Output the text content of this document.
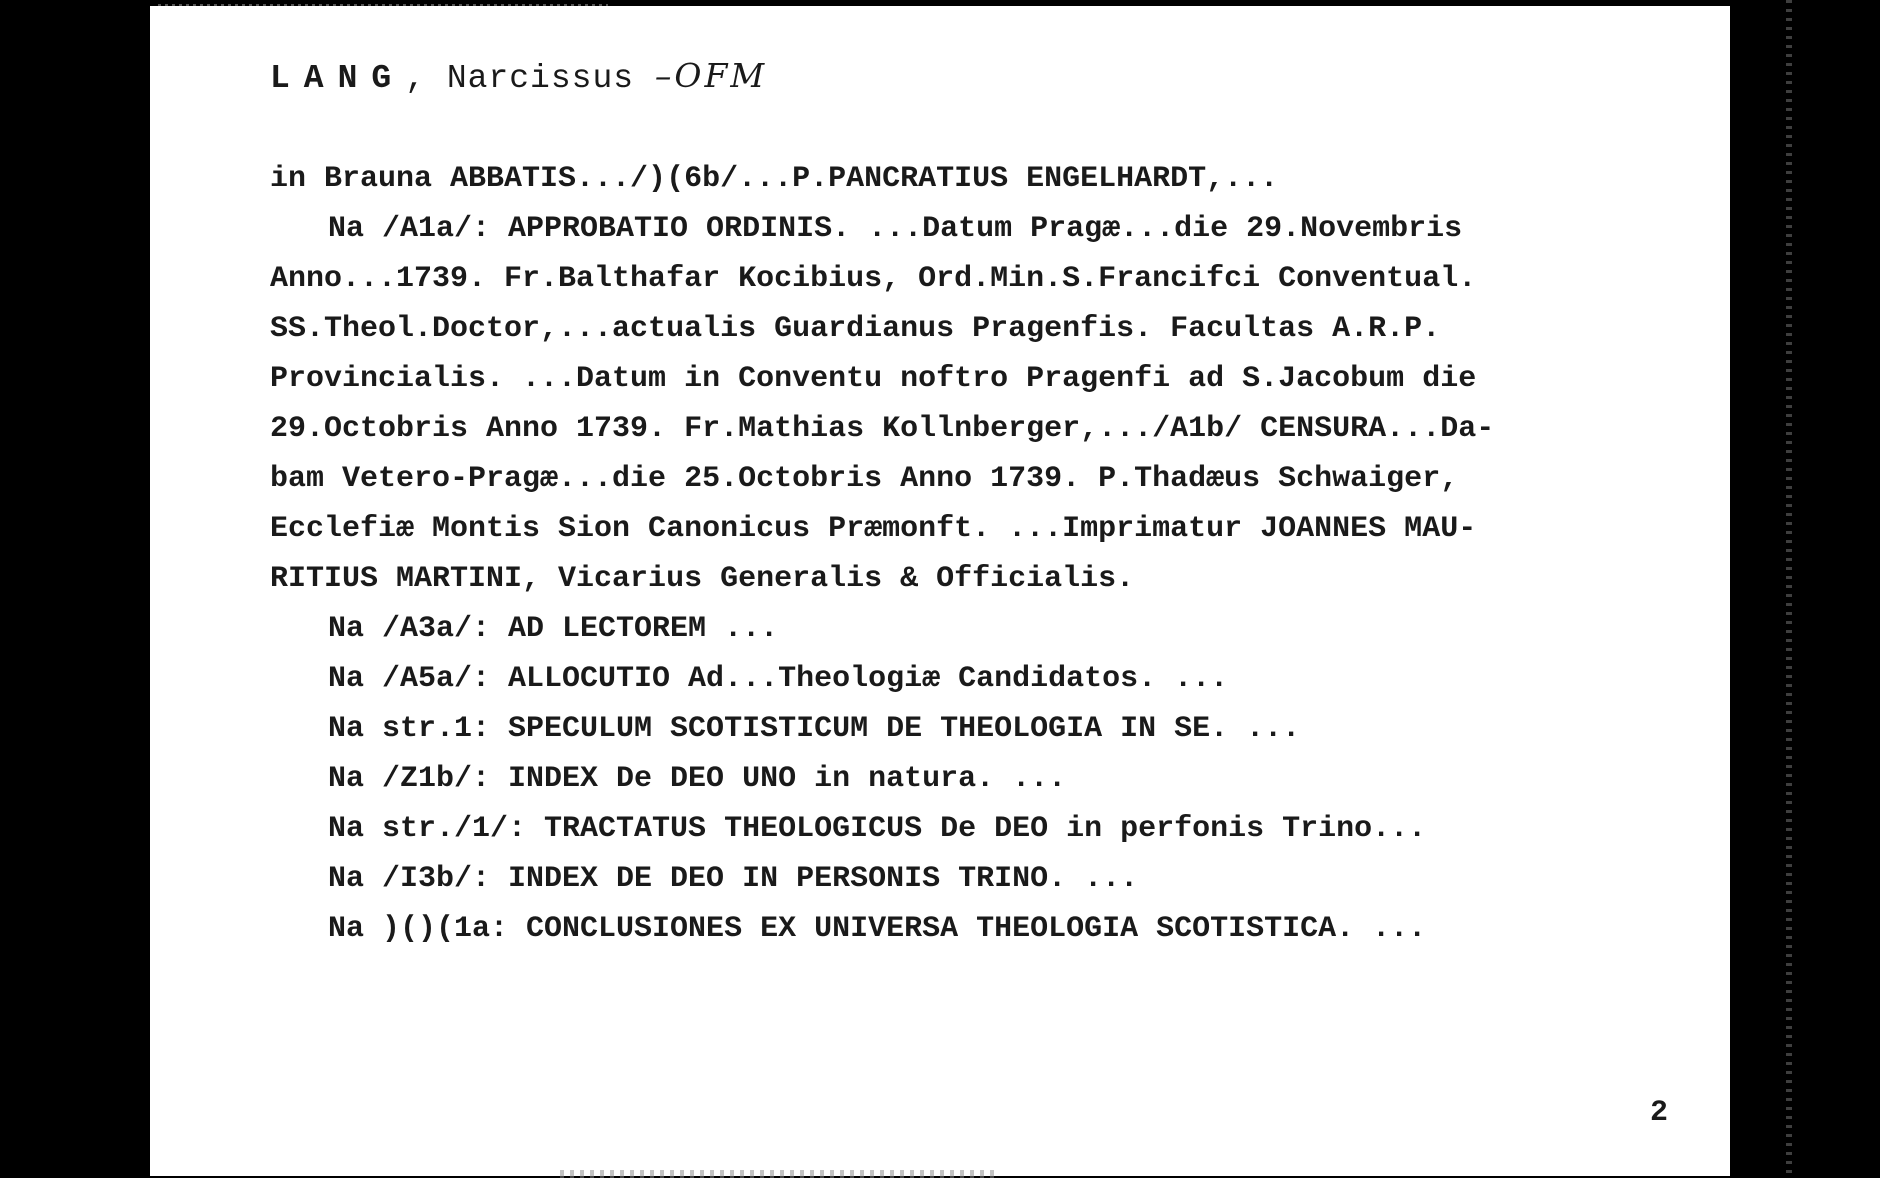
LANG, Narcissus –OFM
in Brauna ABBATIS.../)(6b/...P.PANCRATIUS ENGELHARDT,...
Na /A1a/: APPROBATIO ORDINIS. ...Datum Pragæ...die 29.Novembris
Anno...1739. Fr.Balthafar Kocibius, Ord.Min.S.Francifci Conventual.
SS.Theol.Doctor,...actualis Guardianus Pragenfis. Facultas A.R.P.
Provincialis. ...Datum in Conventu noftro Pragenfi ad S.Jacobum die
29.Octobris Anno 1739. Fr.Mathias Kollnberger,.../A1b/ CENSURA...Da-
bam Vetero-Pragæ...die 25.Octobris Anno 1739. P.Thadæus Schwaiger,
Ecclefiæ Montis Sion Canonicus Præmonft. ...Imprimatur JOANNES MAU-
RITIUS MARTINI, Vicarius Generalis & Officialis.
Na /A3a/: AD LECTOREM ...
Na /A5a/: ALLOCUTIO Ad...Theologiæ Candidatos. ...
Na str.1: SPECULUM SCOTISTICUM DE THEOLOGIA IN SE. ...
Na /Z1b/: INDEX De DEO UNO in natura. ...
Na str./1/: TRACTATUS THEOLOGICUS De DEO in perfonis Trino...
Na /I3b/: INDEX DE DEO IN PERSONIS TRINO. ...
Na )()(1a: CONCLUSIONES EX UNIVERSA THEOLOGIA SCOTISTICA. ...
2
